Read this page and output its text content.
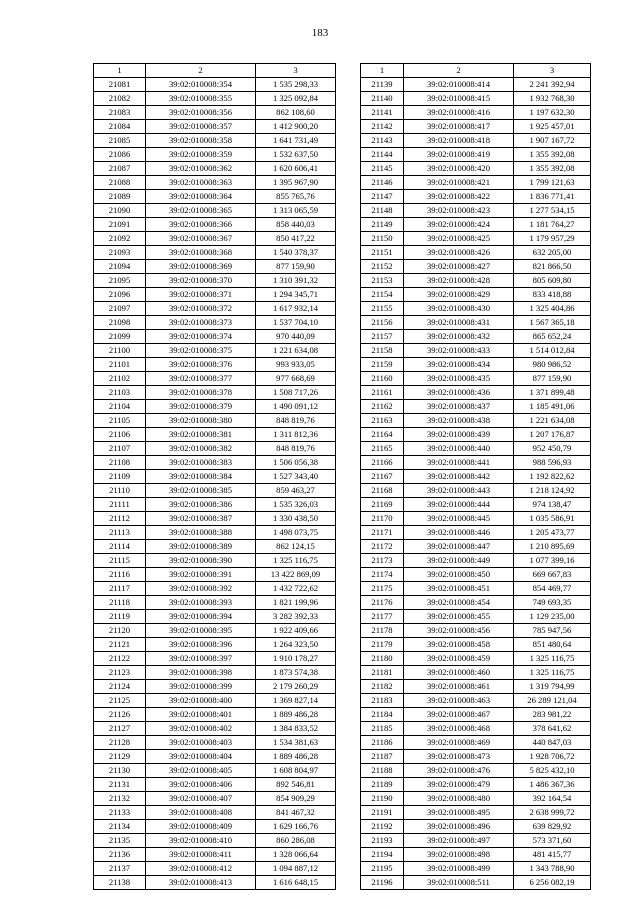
183
1	2	3
21081	39:02:010008:354	1 535 298,33
21082	39:02:010008:355	1 325 092,84
21083	39:02:010008:356	862 108,60
21084	39:02:010008:357	1 412 900,20
21085	39:02:010008:358	1 641 731,49
21086	39:02:010008:359	1 532 637,50
21087	39:02:010008:362	1 620 606,41
21088	39:02:010008:363	1 395 967,90
21089	39:02:010008:364	855 765,76
21090	39:02:010008:365	1 313 065,59
21091	39:02:010008:366	858 440,03
21092	39:02:010008:367	850 417,22
21093	39:02:010008:368	1 540 378,37
21094	39:02:010008:369	877 159,90
21095	39:02:010008:370	1 310 391,32
21096	39:02:010008:371	1 294 345,71
21097	39:02:010008:372	1 617 932,14
21098	39:02:010008:373	1 537 704,10
21099	39:02:010008:374	970 440,09
21100	39:02:010008:375	1 221 634,08
21101	39:02:010008:376	993 933,05
21102	39:02:010008:377	977 668,69
21103	39:02:010008:378	1 508 717,26
21104	39:02:010008:379	1 490 091,12
21105	39:02:010008:380	848 819,76
21106	39:02:010008:381	1 311 812,36
21107	39:02:010008:382	848 819,76
21108	39:02:010008:383	1 506 056,38
21109	39:02:010008:384	1 527 343,40
21110	39:02:010008:385	859 463,27
21111	39:02:010008:386	1 535 326,03
21112	39:02:010008:387	1 330 438,50
21113	39:02:010008:388	1 498 073,75
21114	39:02:010008:389	862 124,15
21115	39:02:010008:390	1 325 116,75
21116	39:02:010008:391	13 422 869,09
21117	39:02:010008:392	1 432 722,62
21118	39:02:010008:393	1 821 199,96
21119	39:02:010008:394	3 282 392,33
21120	39:02:010008:395	1 922 409,66
21121	39:02:010008:396	1 264 323,50
21122	39:02:010008:397	1 910 178,27
21123	39:02:010008:398	1 873 574,38
21124	39:02:010008:399	2 179 260,29
21125	39:02:010008:400	1 369 827,14
21126	39:02:010008:401	1 889 486,28
21127	39:02:010008:402	1 384 833,52
21128	39:02:010008:403	1 534 381,63
21129	39:02:010008:404	1 889 486,28
21130	39:02:010008:405	1 608 804,97
21131	39:02:010008:406	892 546,81
21132	39:02:010008:407	854 909,29
21133	39:02:010008:408	841 467,32
21134	39:02:010008:409	1 629 166,76
21135	39:02:010008:410	860 286,08
21136	39:02:010008:411	1 328 066,64
21137	39:02:010008:412	1 094 887,12
21138	39:02:010008:413	1 616 648,15
1	2	3
21139	39:02:010008:414	2 241 392,94
21140	39:02:010008:415	1 932 768,30
21141	39:02:010008:416	1 197 632,30
21142	39:02:010008:417	1 925 457,01
21143	39:02:010008:418	1 907 167,72
21144	39:02:010008:419	1 355 392,08
21145	39:02:010008:420	1 355 392,08
21146	39:02:010008:421	1 799 121,63
21147	39:02:010008:422	1 836 771,41
21148	39:02:010008:423	1 277 534,15
21149	39:02:010008:424	1 181 764,27
21150	39:02:010008:425	1 179 957,29
21151	39:02:010008:426	632 205,00
21152	39:02:010008:427	821 866,50
21153	39:02:010008:428	805 609,80
21154	39:02:010008:429	833 418,88
21155	39:02:010008:430	1 325 404,86
21156	39:02:010008:431	1 567 365,18
21157	39:02:010008:432	865 652,24
21158	39:02:010008:433	1 514 012,84
21159	39:02:010008:434	980 986,52
21160	39:02:010008:435	877 159,90
21161	39:02:010008:436	1 371 899,48
21162	39:02:010008:437	1 185 491,06
21163	39:02:010008:438	1 221 634,08
21164	39:02:010008:439	1 207 176,87
21165	39:02:010008:440	952 450,79
21166	39:02:010008:441	988 596,93
21167	39:02:010008:442	1 192 822,62
21168	39:02:010008:443	1 218 124,92
21169	39:02:010008:444	974 138,47
21170	39:02:010008:445	1 035 586,91
21171	39:02:010008:446	1 205 473,77
21172	39:02:010008:447	1 210 895,69
21173	39:02:010008:449	1 077 399,16
21174	39:02:010008:450	669 667,83
21175	39:02:010008:451	854 469,77
21176	39:02:010008:454	749 693,35
21177	39:02:010008:455	1 129 235,00
21178	39:02:010008:456	785 947,56
21179	39:02:010008:458	851 480,64
21180	39:02:010008:459	1 325 116,75
21181	39:02:010008:460	1 325 116,75
21182	39:02:010008:461	1 319 794,99
21183	39:02:010008:463	26 289 121,04
21184	39:02:010008:467	283 981,22
21185	39:02:010008:468	378 641,62
21186	39:02:010008:469	440 847,03
21187	39:02:010008:473	1 928 706,72
21188	39:02:010008:476	5 825 432,10
21189	39:02:010008:479	1 486 367,36
21190	39:02:010008:480	392 164,54
21191	39:02:010008:495	2 638 999,72
21192	39:02:010008:496	639 829,92
21193	39:02:010008:497	573 371,60
21194	39:02:010008:498	481 415,77
21195	39:02:010008:499	1 343 788,90
21196	39:02:010008:511	6 256 082,19
